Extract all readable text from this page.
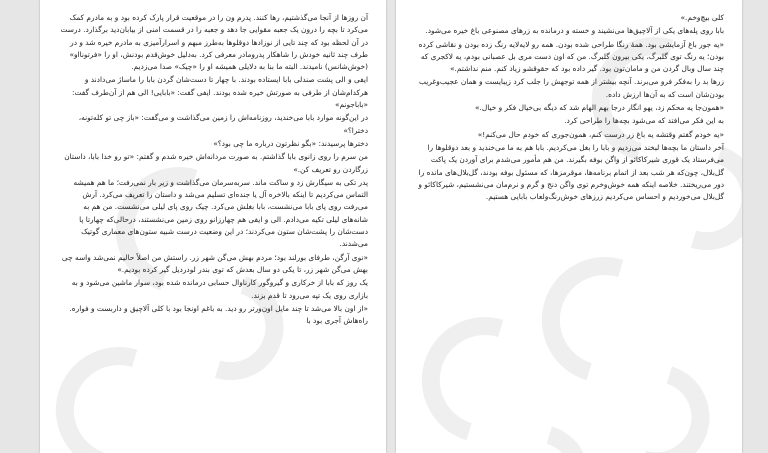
آن روزها از آنجا می‌گذشتیم، رها کنند. پدرم ون را در موقعیت قرار پارک کرده بود و به مادرم کمک می‌کرد تا بچه را درون یک جعبه مقوایی جا دهد و جعبه را در قسمت امنی از بیابان‌دید برگذارد. درست در آن لحظه بود که چند تایی از نوزادها دوقلوها به‌طرز مبهم و اسرارآمیزی به مادرم خیره شد و در طرف چند ثانیه خودش را شاهکار پدرومادر معرفی کرد. به‌دلیل خوش‌قدم بودنش، او را «فرتونااو» (خوش‌شانس) نامیدند. البته ما بنا به دلایلی همیشه او را «چیک» صدا می‌زدیم.

ایفی و الی پشت صندلی بابا ایستاده بودند. با چهار تا دست‌شان گردن بابا را ماساژ می‌دادند و هرکدام‌شان از طرفی به صورتش خیره شده بودند. ایفی گفت: «بابایی! الی هم از آن‌طرف گفت: «باباجونم»

در این‌گونه موارد بابا می‌خندید، روزنامه‌اش را زمین می‌گذاشت و می‌گفت: «باز چی تو کله‌تونه، دخترا؟»

دخترها پرسیدند: «بگو نظرتون درباره ما چی بود؟»

من سرم را روی زانوی بابا گذاشتم. به صورت مردانه‌اش خیره شدم و گفتم: «تو رو خدا بابا، داستان زرگاردن رو تعریف کن.»

پدر تکی به سیگارش زد و ساکت ماند. سربه‌سرمان می‌گذاشت و زیر بار نمی‌رفت؛ ما هم همیشه التماس می‌کردیم تا اینکه بالاخره آل یا جنده‌ای تسلیم می‌شد و داستان را تعریف می‌کرد. آرش می‌رفت روی پای بابا می‌نشست، بابا بغلش می‌کرد. چیک روی پای لیلی می‌نشست. من هم به شانه‌های لیلی تکیه می‌دادم. الی و ایفی هم چهارزانو روی زمین می‌نشستند، درحالی‌که چهارتا پا دست‌شان را پشت‌شان ستون می‌کردند؛ در این وضعیت درست شبیه ستون‌های معماری گوتیک می‌شدند.

«نوی آرگن، طرفای بورلند بود؛ مردم بهش می‌گن شهر زر. راستش من اصلاً حالیم نمی‌شد واسه چی بهش می‌گن شهر زر، تا یکی دو سال بعدش که توی بندر لودردیل گیر کرده بودیم.»

یک روز که بابا از خرکاری و گیروگور کارناوال حسابی درمانده شده بود، سوار ماشین می‌شود و به بازاری روی یک تپه می‌رود تا قدم بزند.

«از اون بالا می‌شد تا چند مایل اون‌ورتر رو دید. به باغم اونجا بود با کلی آلاچیق و داربست و فواره. راه‌هاش آجری بود با

کلی بیچ‌وخم.»

بابا روی پله‌های یکی از آلاچیق‌ها می‌نشیند و خسته و درمانده به زرهای مصنوعی باغ خیره می‌شود.

«یه جور باغ آزمایشی بود. همهٔ رنگا طراحی شده بودن. همه رو لایه‌لایه رنگ زده بودن و نقاشی کرده بودن؛ یه رنگ توی گلبرگ، یکی بیرون گلبرگ. من که اون دست مری بل عصبانی بودم، یه لاکجری که چند سال وبال گردن من و مامان‌تون بود. گیر داده بود که حقوقشو زیاد کنم. منم نداشتم.»

زرها بد را به‌فکر فرو می‌برند. آنچه بیشتر از همه توجهش را جلب کرد زیبایست و همان عجیب‌وغریب بودن‌شان است که به آن‌ها ارزش داده.

«همون‌جا یه محکم زد، یهو انگار درجا بهم الهام شد که دیگه بی‌خیال فکر و خیال.»

به این فکر می‌افتد که می‌شود بچه‌ها را طراحی کرد.

«یه خودم گفتم وقتشه یه باغ زر درست کنم، همون‌جوری که خودم حال می‌کنم!»

آخر داستان ما بچه‌ها لبخند می‌زدیم و بابا را بغل می‌کردیم. بابا هم به ما می‌خندید و بعد دوقلوها را می‌فرستاد یک قوری شیرکاکائو از واگن بوفه بگیرند. من هم مأمور می‌شدم برای آوردن یک پاکت گل‌بلال، چون‌که هر شب بعد از اتمام برنامه‌ها، موقرمزها، که مسئول بوفه بودند، گل‌بلال‌های مانده را دور می‌ریختند. خلاصه اینکه همه خوش‌وخرم توی واگن دنج و گرم و نرم‌مان می‌نشستیم، شیرکاکائو و گل‌بلال می‌خوردیم و احساس می‌کردیم زرزهای خوش‌رنگ‌ولعاب بابایی هستیم.
